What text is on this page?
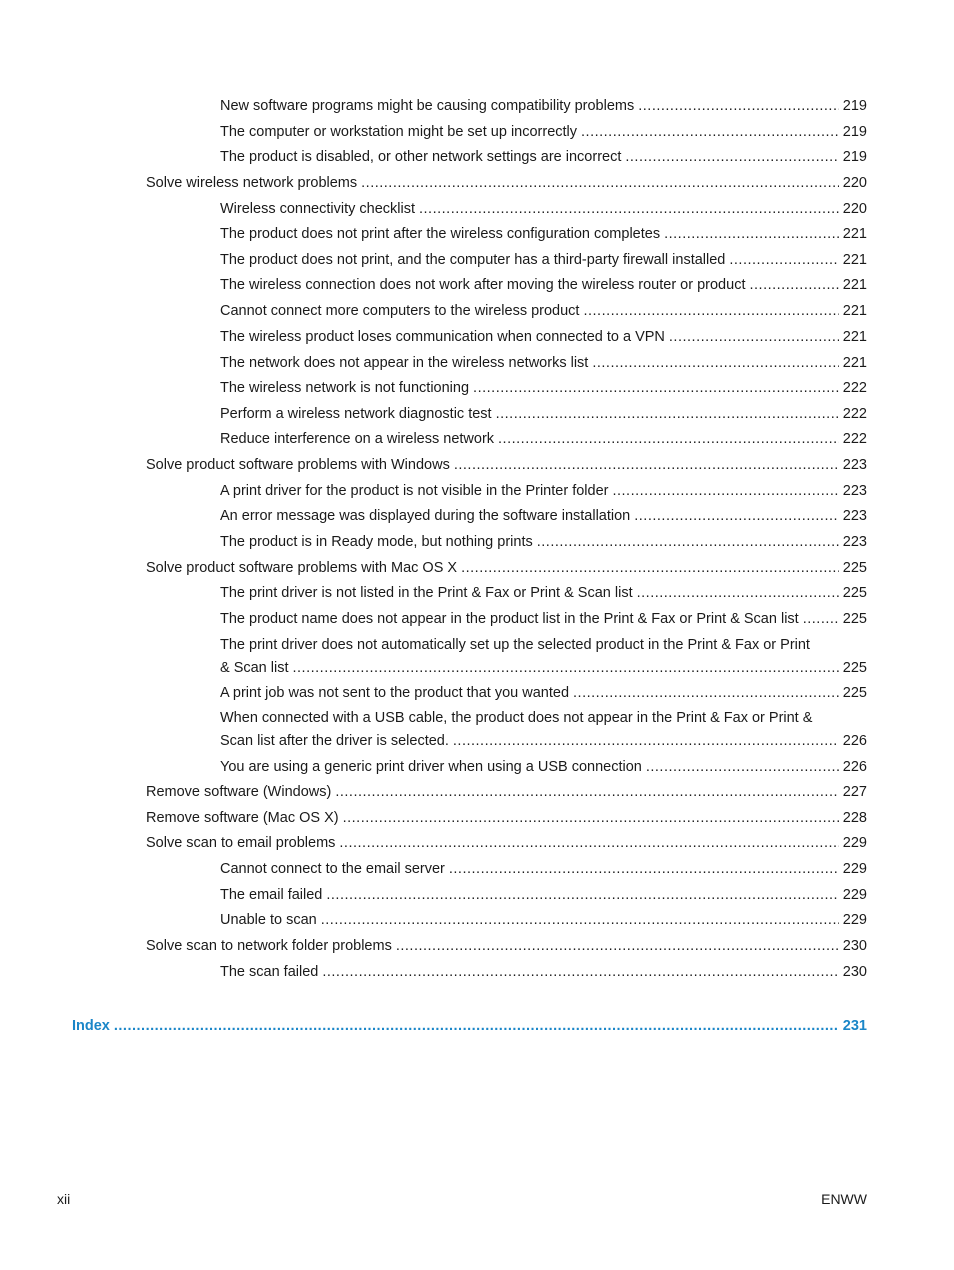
New software programs might be causing compatibility problems .....	219
The computer or workstation might be set up incorrectly .....	219
The product is disabled, or other network settings are incorrect .....	219
Solve wireless network problems .....	220
Wireless connectivity checklist .....	220
The product does not print after the wireless configuration completes .....	221
The product does not print, and the computer has a third-party firewall installed .....	221
The wireless connection does not work after moving the wireless router or product .....	221
Cannot connect more computers to the wireless product .....	221
The wireless product loses communication when connected to a VPN .....	221
The network does not appear in the wireless networks list .....	221
The wireless network is not functioning .....	222
Perform a wireless network diagnostic test .....	222
Reduce interference on a wireless network .....	222
Solve product software problems with Windows .....	223
A print driver for the product is not visible in the Printer folder .....	223
An error message was displayed during the software installation .....	223
The product is in Ready mode, but nothing prints .....	223
Solve product software problems with Mac OS X .....	225
The print driver is not listed in the Print & Fax or Print & Scan list .....	225
The product name does not appear in the product list in the Print & Fax or Print & Scan list .....	225
The print driver does not automatically set up the selected product in the Print & Fax or Print
& Scan list .....	225
A print job was not sent to the product that you wanted .....	225
When connected with a USB cable, the product does not appear in the Print & Fax or Print &
Scan list after the driver is selected. .....	226
You are using a generic print driver when using a USB connection .....	226
Remove software (Windows) .....	227
Remove software (Mac OS X) .....	228
Solve scan to email problems .....	229
Cannot connect to the email server .....	229
The email failed .....	229
Unable to scan .....	229
Solve scan to network folder problems .....	230
The scan failed .....	230
Index .....	231
xii	ENWW
